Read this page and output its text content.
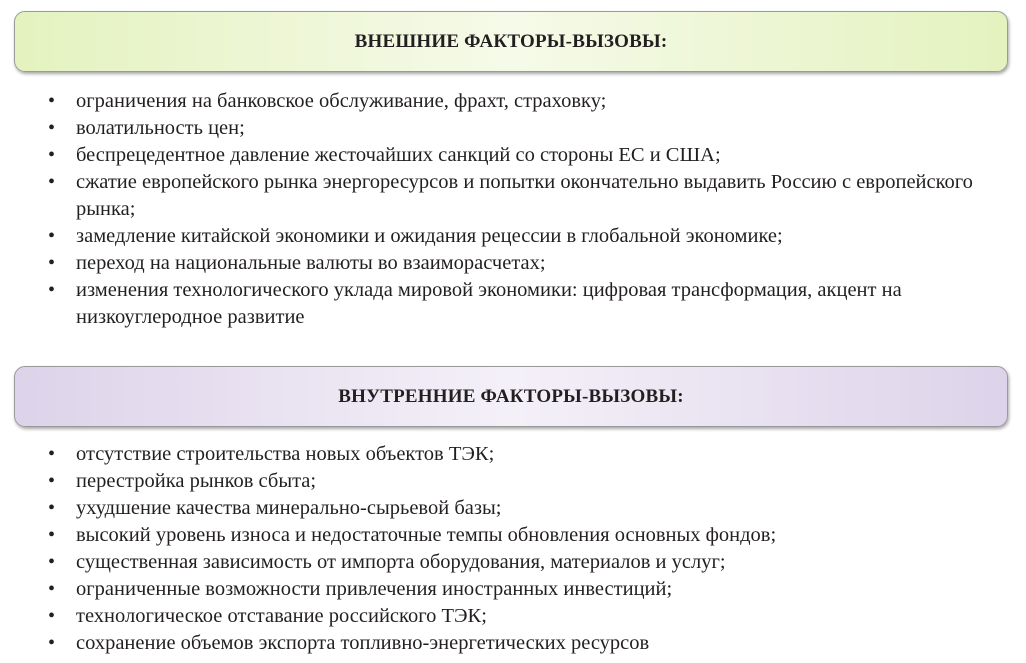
ВНЕШНИЕ ФАКТОРЫ-ВЫЗОВЫ:
•	ограничения на банковское обслуживание, фрахт, страховку;
•	волатильность цен;
•	беспрецедентное давление жесточайших санкций со стороны ЕС и США;
•	сжатие европейского рынка энергоресурсов и попытки окончательно выдавить Россию с европейского рынка;
•	замедление китайской экономики и ожидания рецессии в глобальной экономике;
•	переход на национальные валюты во взаиморасчетах;
•	изменения технологического уклада мировой экономики: цифровая трансформация, акцент на низкоуглеродное развитие
ВНУТРЕННИЕ ФАКТОРЫ-ВЫЗОВЫ:
•	отсутствие строительства новых объектов ТЭК;
•	перестройка рынков сбыта;
•	ухудшение качества минерально-сырьевой базы;
•	высокий уровень износа и недостаточные темпы обновления основных фондов;
•	существенная зависимость от импорта оборудования, материалов и услуг;
•	ограниченные возможности привлечения иностранных инвестиций;
•	технологическое отставание российского ТЭК;
•	сохранение объемов экспорта топливно-энергетических ресурсов
